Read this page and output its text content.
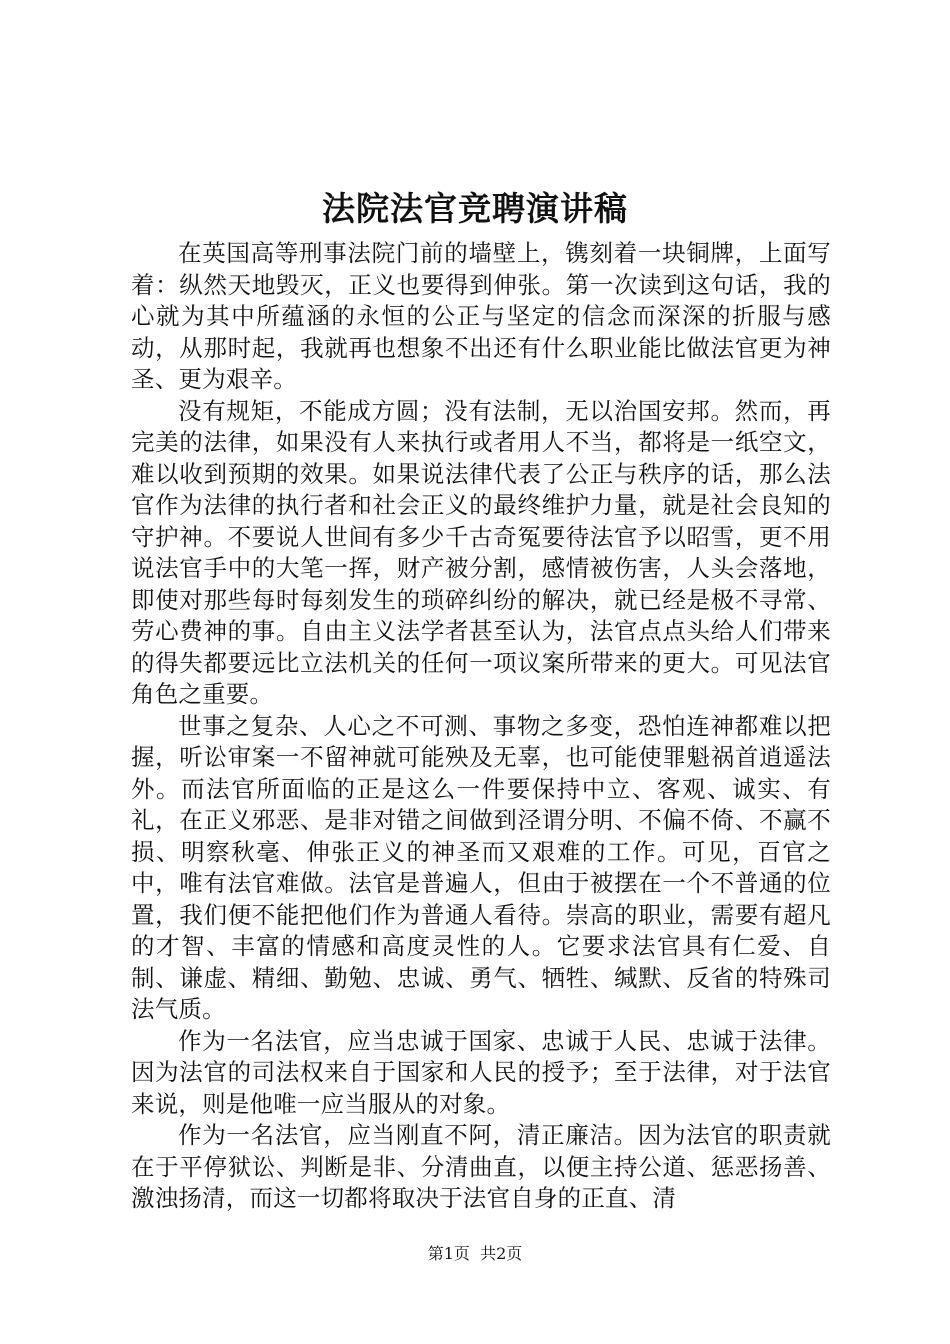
法院法官竞聘演讲稿

在英国高等刑事法院门前的墙壁上，镌刻着一块铜牌，上面写着：纵然天地毁灭，正义也要得到伸张。第一次读到这句话，我的心就为其中所蕴涵的永恒的公正与坚定的信念而深深的折服与感动，从那时起，我就再也想象不出还有什么职业能比做法官更为神圣、更为艰辛。

没有规矩，不能成方圆；没有法制，无以治国安邦。然而，再完美的法律，如果没有人来执行或者用人不当，都将是一纸空文，难以收到预期的效果。如果说法律代表了公正与秩序的话，那么法官作为法律的执行者和社会正义的最终维护力量，就是社会良知的守护神。不要说人世间有多少千古奇冤要待法官予以昭雪，更不用说法官手中的大笔一挥，财产被分割，感情被伤害，人头会落地，即使对那些每时每刻发生的琐碎纠纷的解决，就已经是极不寻常、劳心费神的事。自由主义法学者甚至认为，法官点点头给人们带来的得失都要远比立法机关的任何一项议案所带来的更大。可见法官角色之重要。

世事之复杂、人心之不可测、事物之多变，恐怕连神都难以把握，听讼审案一不留神就可能殃及无辜，也可能使罪魁祸首逍遥法外。而法官所面临的正是这么一件要保持中立、客观、诚实、有礼，在正义邪恶、是非对错之间做到泾谓分明、不偏不倚、不赢不损、明察秋毫、伸张正义的神圣而又艰难的工作。可见，百官之中，唯有法官难做。法官是普遍人，但由于被摆在一个不普通的位置，我们便不能把他们作为普通人看待。崇高的职业，需要有超凡的才智、丰富的情感和高度灵性的人。它要求法官具有仁爱、自制、谦虚、精细、勤勉、忠诚、勇气、牺牲、缄默、反省的特殊司法气质。

作为一名法官，应当忠诚于国家、忠诚于人民、忠诚于法律。因为法官的司法权来自于国家和人民的授予；至于法律，对于法官来说，则是他唯一应当服从的对象。

作为一名法官，应当刚直不阿，清正廉洁。因为法官的职责就在于平停狱讼、判断是非、分清曲直，以便主持公道、惩恶扬善、激浊扬清，而这一切都将取决于法官自身的正直、清

第1页  共2页
